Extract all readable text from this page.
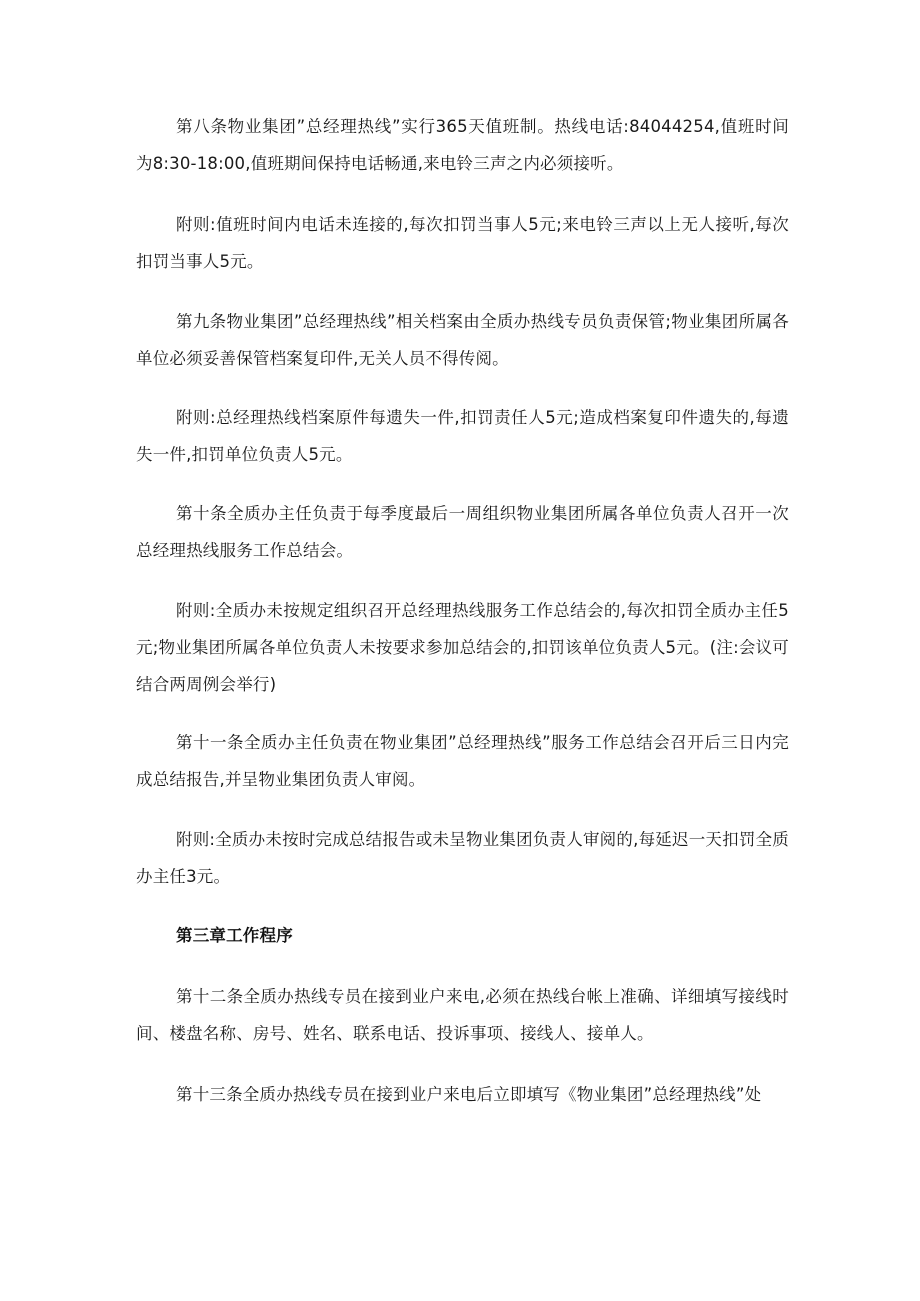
第八条物业集团”总经理热线”实行365天值班制。热线电话:84044254,值班时间为8:30-18:00,值班期间保持电话畅通,来电铃三声之内必须接听。

附则:值班时间内电话未连接的,每次扣罚当事人5元;来电铃三声以上无人接听,每次扣罚当事人5元。

第九条物业集团”总经理热线”相关档案由全质办热线专员负责保管;物业集团所属各单位必须妥善保管档案复印件,无关人员不得传阅。

附则:总经理热线档案原件每遗失一件,扣罚责任人5元;造成档案复印件遗失的,每遗失一件,扣罚单位负责人5元。

第十条全质办主任负责于每季度最后一周组织物业集团所属各单位负责人召开一次总经理热线服务工作总结会。

附则:全质办未按规定组织召开总经理热线服务工作总结会的,每次扣罚全质办主任5元;物业集团所属各单位负责人未按要求参加总结会的,扣罚该单位负责人5元。(注:会议可结合两周例会举行)

第十一条全质办主任负责在物业集团”总经理热线”服务工作总结会召开后三日内完成总结报告,并呈物业集团负责人审阅。

附则:全质办未按时完成总结报告或未呈物业集团负责人审阅的,每延迟一天扣罚全质办主任3元。

第三章工作程序

第十二条全质办热线专员在接到业户来电,必须在热线台帐上准确、详细填写接线时间、楼盘名称、房号、姓名、联系电话、投诉事项、接线人、接单人。

第十三条全质办热线专员在接到业户来电后立即填写《物业集团”总经理热线”处
